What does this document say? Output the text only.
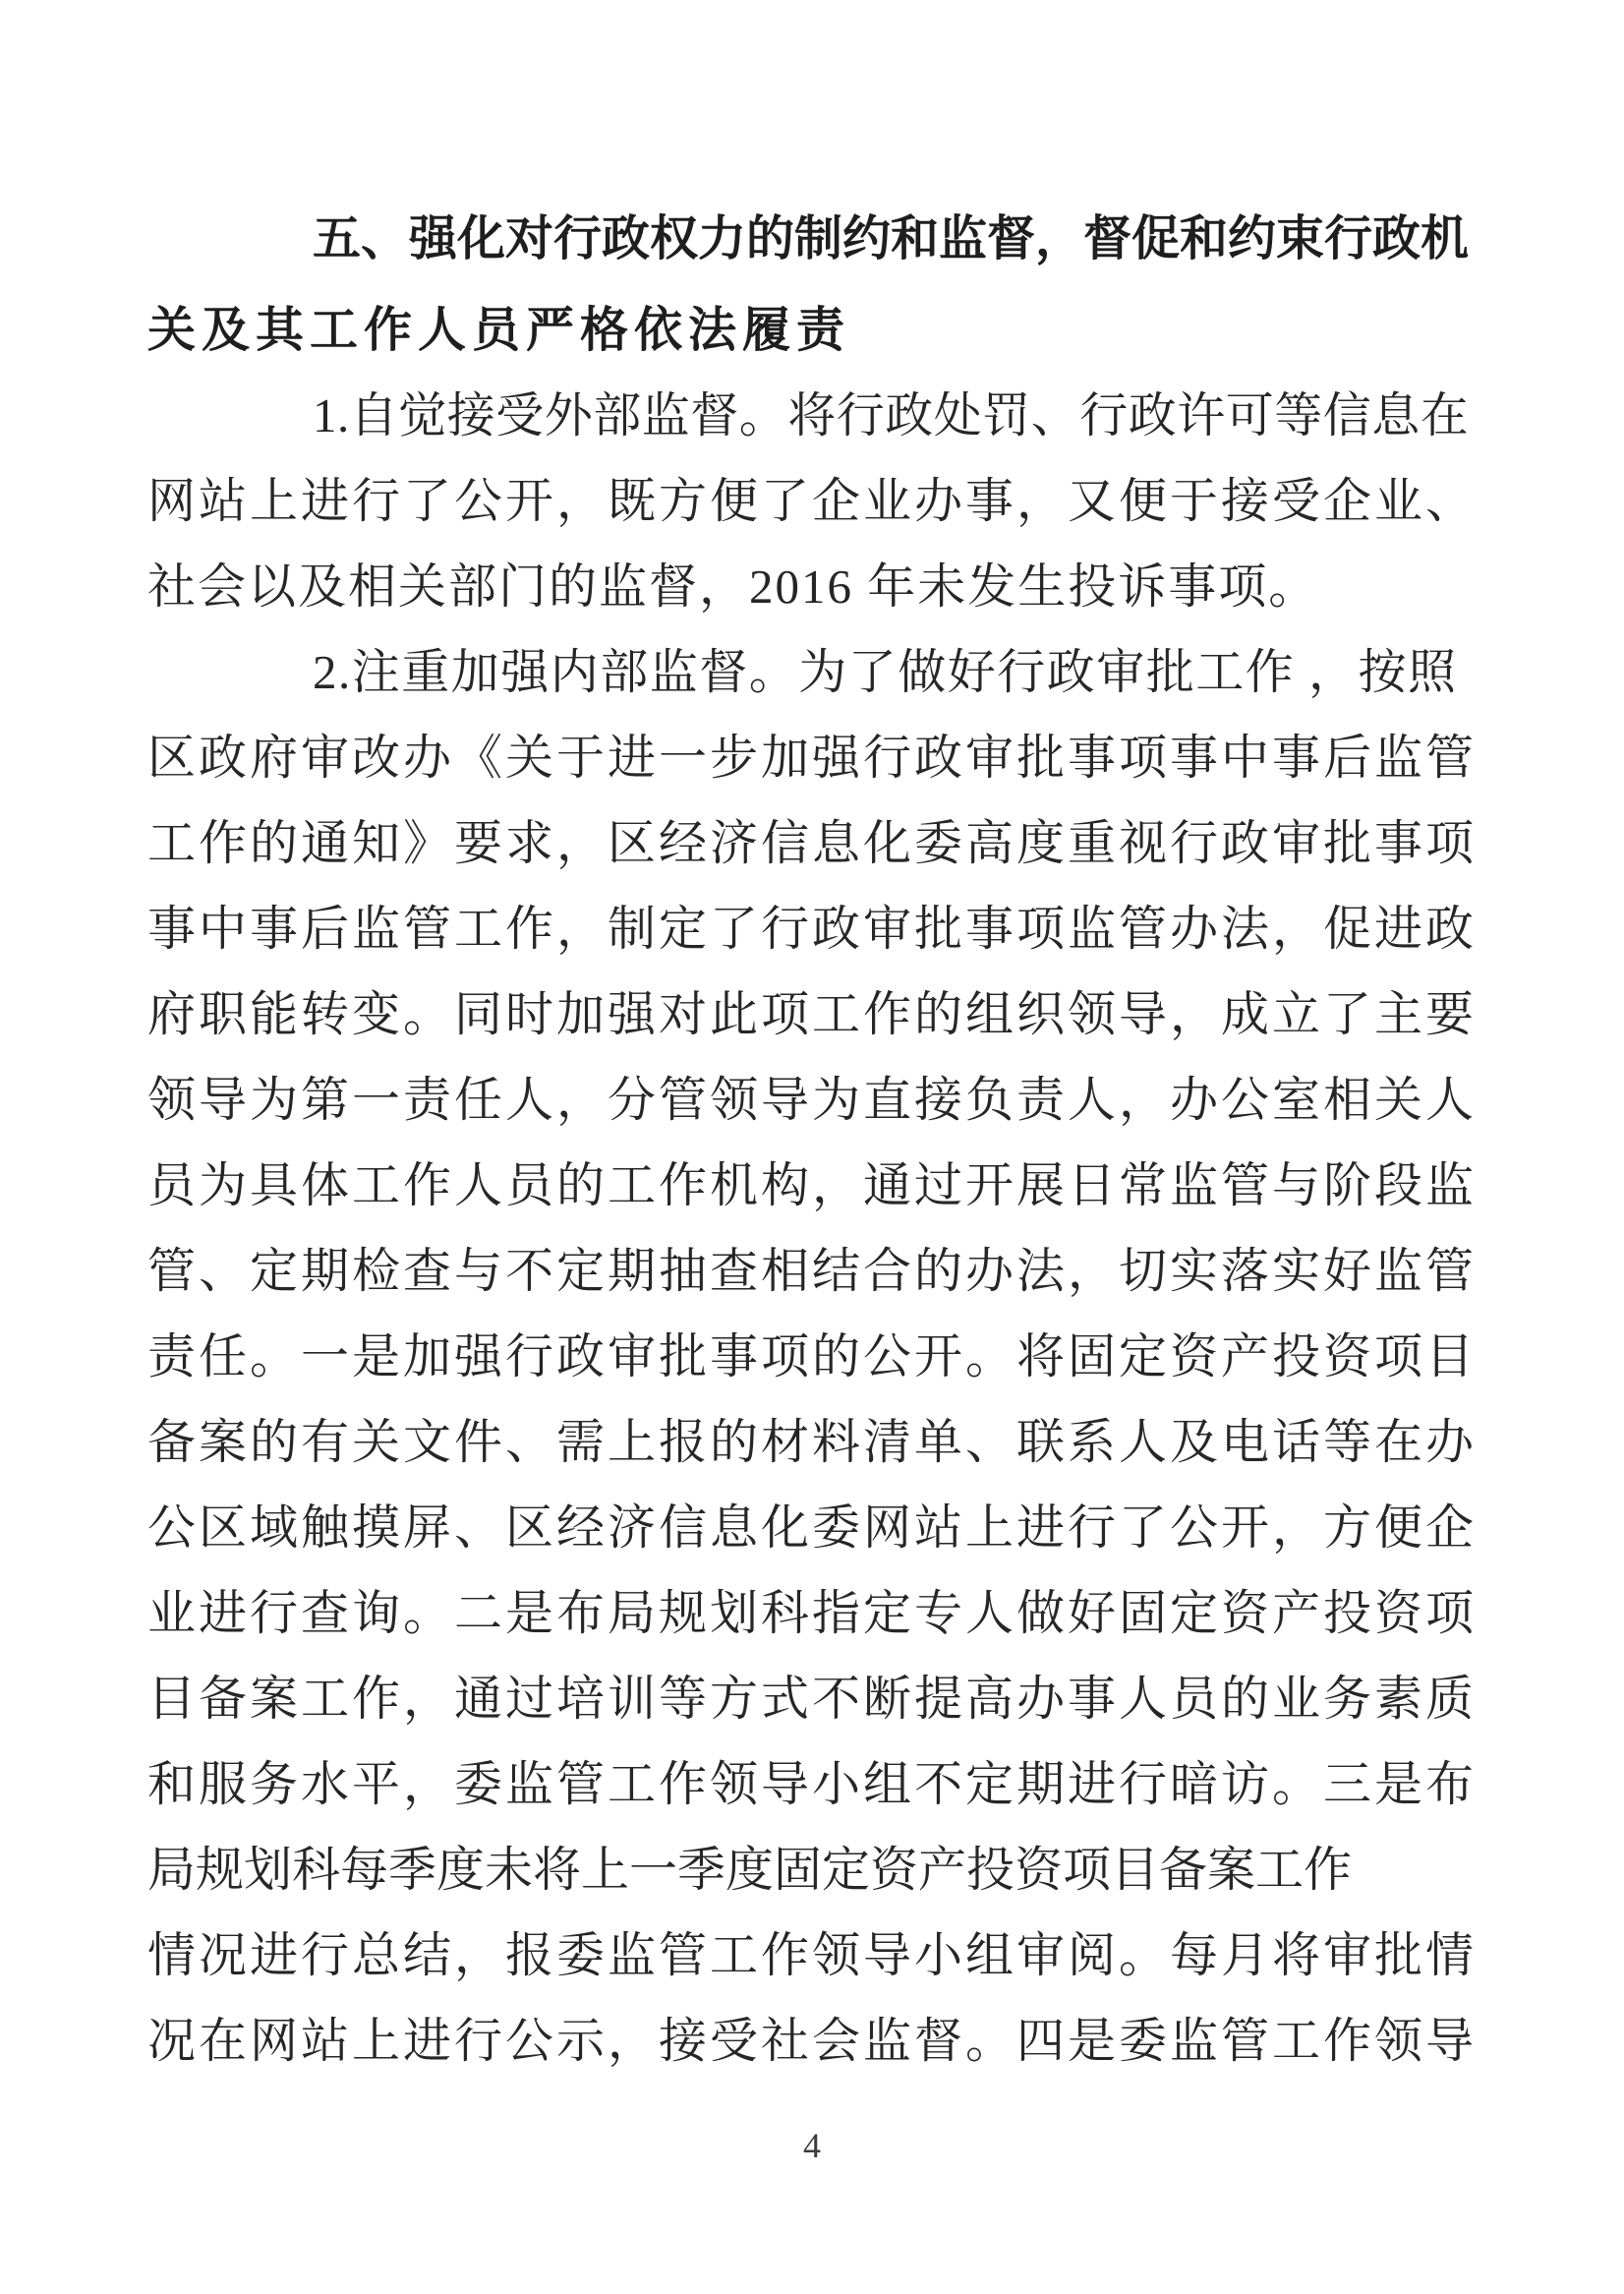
五、强化对行政权力的制约和监督，督促和约束行政机
关及其工作人员严格依法履责
1.自觉接受外部监督。将行政处罚、行政许可等信息在
网站上进行了公开，既方便了企业办事，又便于接受企业、
社会以及相关部门的监督，2016 年未发生投诉事项。
2.注重加强内部监督。为了做好行政审批工作 ，按照
区政府审改办《关于进一步加强行政审批事项事中事后监管
工作的通知》要求，区经济信息化委高度重视行政审批事项
事中事后监管工作，制定了行政审批事项监管办法，促进政
府职能转变。同时加强对此项工作的组织领导，成立了主要
领导为第一责任人，分管领导为直接负责人，办公室相关人
员为具体工作人员的工作机构，通过开展日常监管与阶段监
管、定期检查与不定期抽查相结合的办法，切实落实好监管
责任。一是加强行政审批事项的公开。将固定资产投资项目
备案的有关文件、需上报的材料清单、联系人及电话等在办
公区域触摸屏、区经济信息化委网站上进行了公开，方便企
业进行查询。二是布局规划科指定专人做好固定资产投资项
目备案工作，通过培训等方式不断提高办事人员的业务素质
和服务水平，委监管工作领导小组不定期进行暗访。三是布
局规划科每季度未将上一季度固定资产投资项目备案工作
情况进行总结，报委监管工作领导小组审阅。每月将审批情
况在网站上进行公示，接受社会监督。四是委监管工作领导
4
